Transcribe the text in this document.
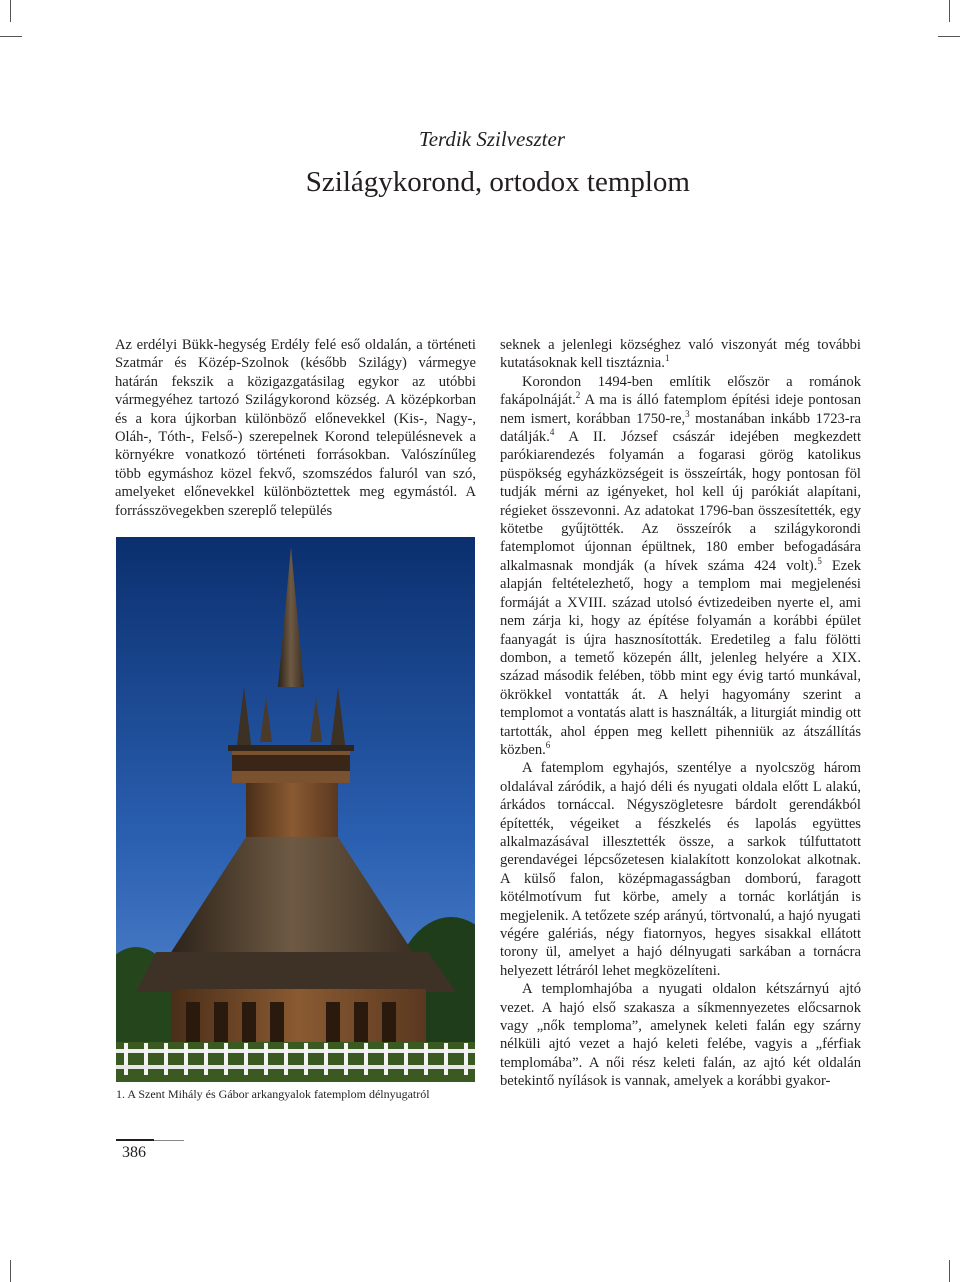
Terdik Szilveszter
Szilágykorond, ortodox templom

Az erdélyi Bükk-hegység Erdély felé eső oldalán, a történeti Szatmár és Közép-Szolnok (később Szilágy) vármegye határán fekszik a közigazgatásilag egykor az utóbbi vármegyéhez tartozó Szilágykorond község. A középkorban és a kora újkorban különböző előnevekkel (Kis-, Nagy-, Oláh-, Tóth-, Felső-) szerepelnek Korond településnevek a környékre vonatkozó történeti forrásokban. Valószínűleg több egymáshoz közel fekvő, szomszédos faluról van szó, amelyeket előnevekkel különböztettek meg egymástól. A forrásszövegekben szereplő település

1. A Szent Mihály és Gábor arkangyalok fatemplom délnyugatról

seknek a jelenlegi községhez való viszonyát még további kutatásoknak kell tisztáznia.$^1$

Korondon 1494-ben említik először a románok fakápolnáját.$^2$ A ma is álló fatemplom építési ideje pontosan nem ismert, korábban 1750-re,$^3$ mostanában inkább 1723-ra datálják.$^4$ A II. József császár idejében megkezdett parókiarendezés folyamán a fogarasi görög katolikus püspökség egyházközségeit is összeírták, hogy pontosan föl tudják mérni az igényeket, hol kell új parókiát alapítani, régieket összevonni. Az adatokat 1796-ban összesítették, egy kötetbe gyűjtötték. Az összeírók a szilágykorondi fatemplomot újonnan épültnek, 180 ember befogadására alkalmasnak mondják (a hívek száma 424 volt).$^5$ Ezek alapján feltételezhető, hogy a templom mai megjelenési formáját a XVIII. század utolsó évtizedeiben nyerte el, ami nem zárja ki, hogy az építése folyamán a korábbi épület faanyagát is újra hasznosították. Eredetileg a falu fölötti dombon, a temető közepén állt, jelenleg helyére a XIX. század második felében, több mint egy évig tartó munkával, ökrökkel vontatták át. A helyi hagyomány szerint a templomot a vontatás alatt is használták, a liturgiát mindig ott tartották, ahol éppen meg kellett pihenniük az átszállítás közben.$^6$

A fatemplom egyhajós, szentélye a nyolcszög három oldalával záródik, a hajó déli és nyugati oldala előtt L alakú, árkádos tornáccal. Négyszögletesre bárdolt gerendákból építették, végeiket a fészkelés és lapolás együttes alkalmazásával illesztették össze, a sarkok túlfuttatott gerendavégei lépcsőzetesen kialakított konzolokat alkotnak. A külső falon, középmagasságban domború, faragott kötélmotívum fut körbe, amely a tornác korlátján is megjelenik. A tetőzete szép arányú, törtvonalú, a hajó nyugati végére galériás, négy fiatornyos, hegyes sisakkal ellátott torony ül, amelyet a hajó délnyugati sarkában a tornácra helyezett létráról lehet megközelíteni.

A templomhajóba a nyugati oldalon kétszárnyú ajtó vezet. A hajó első szakasza a síkmennyezetes előcsarnok vagy „nők temploma”, amelynek keleti falán egy szárny nélküli ajtó vezet a hajó keleti felébe, vagyis a „férfiak templomába”. A női rész keleti falán, az ajtó két oldalán betekintő nyílások is vannak, amelyek a korábbi gyakor-

386
